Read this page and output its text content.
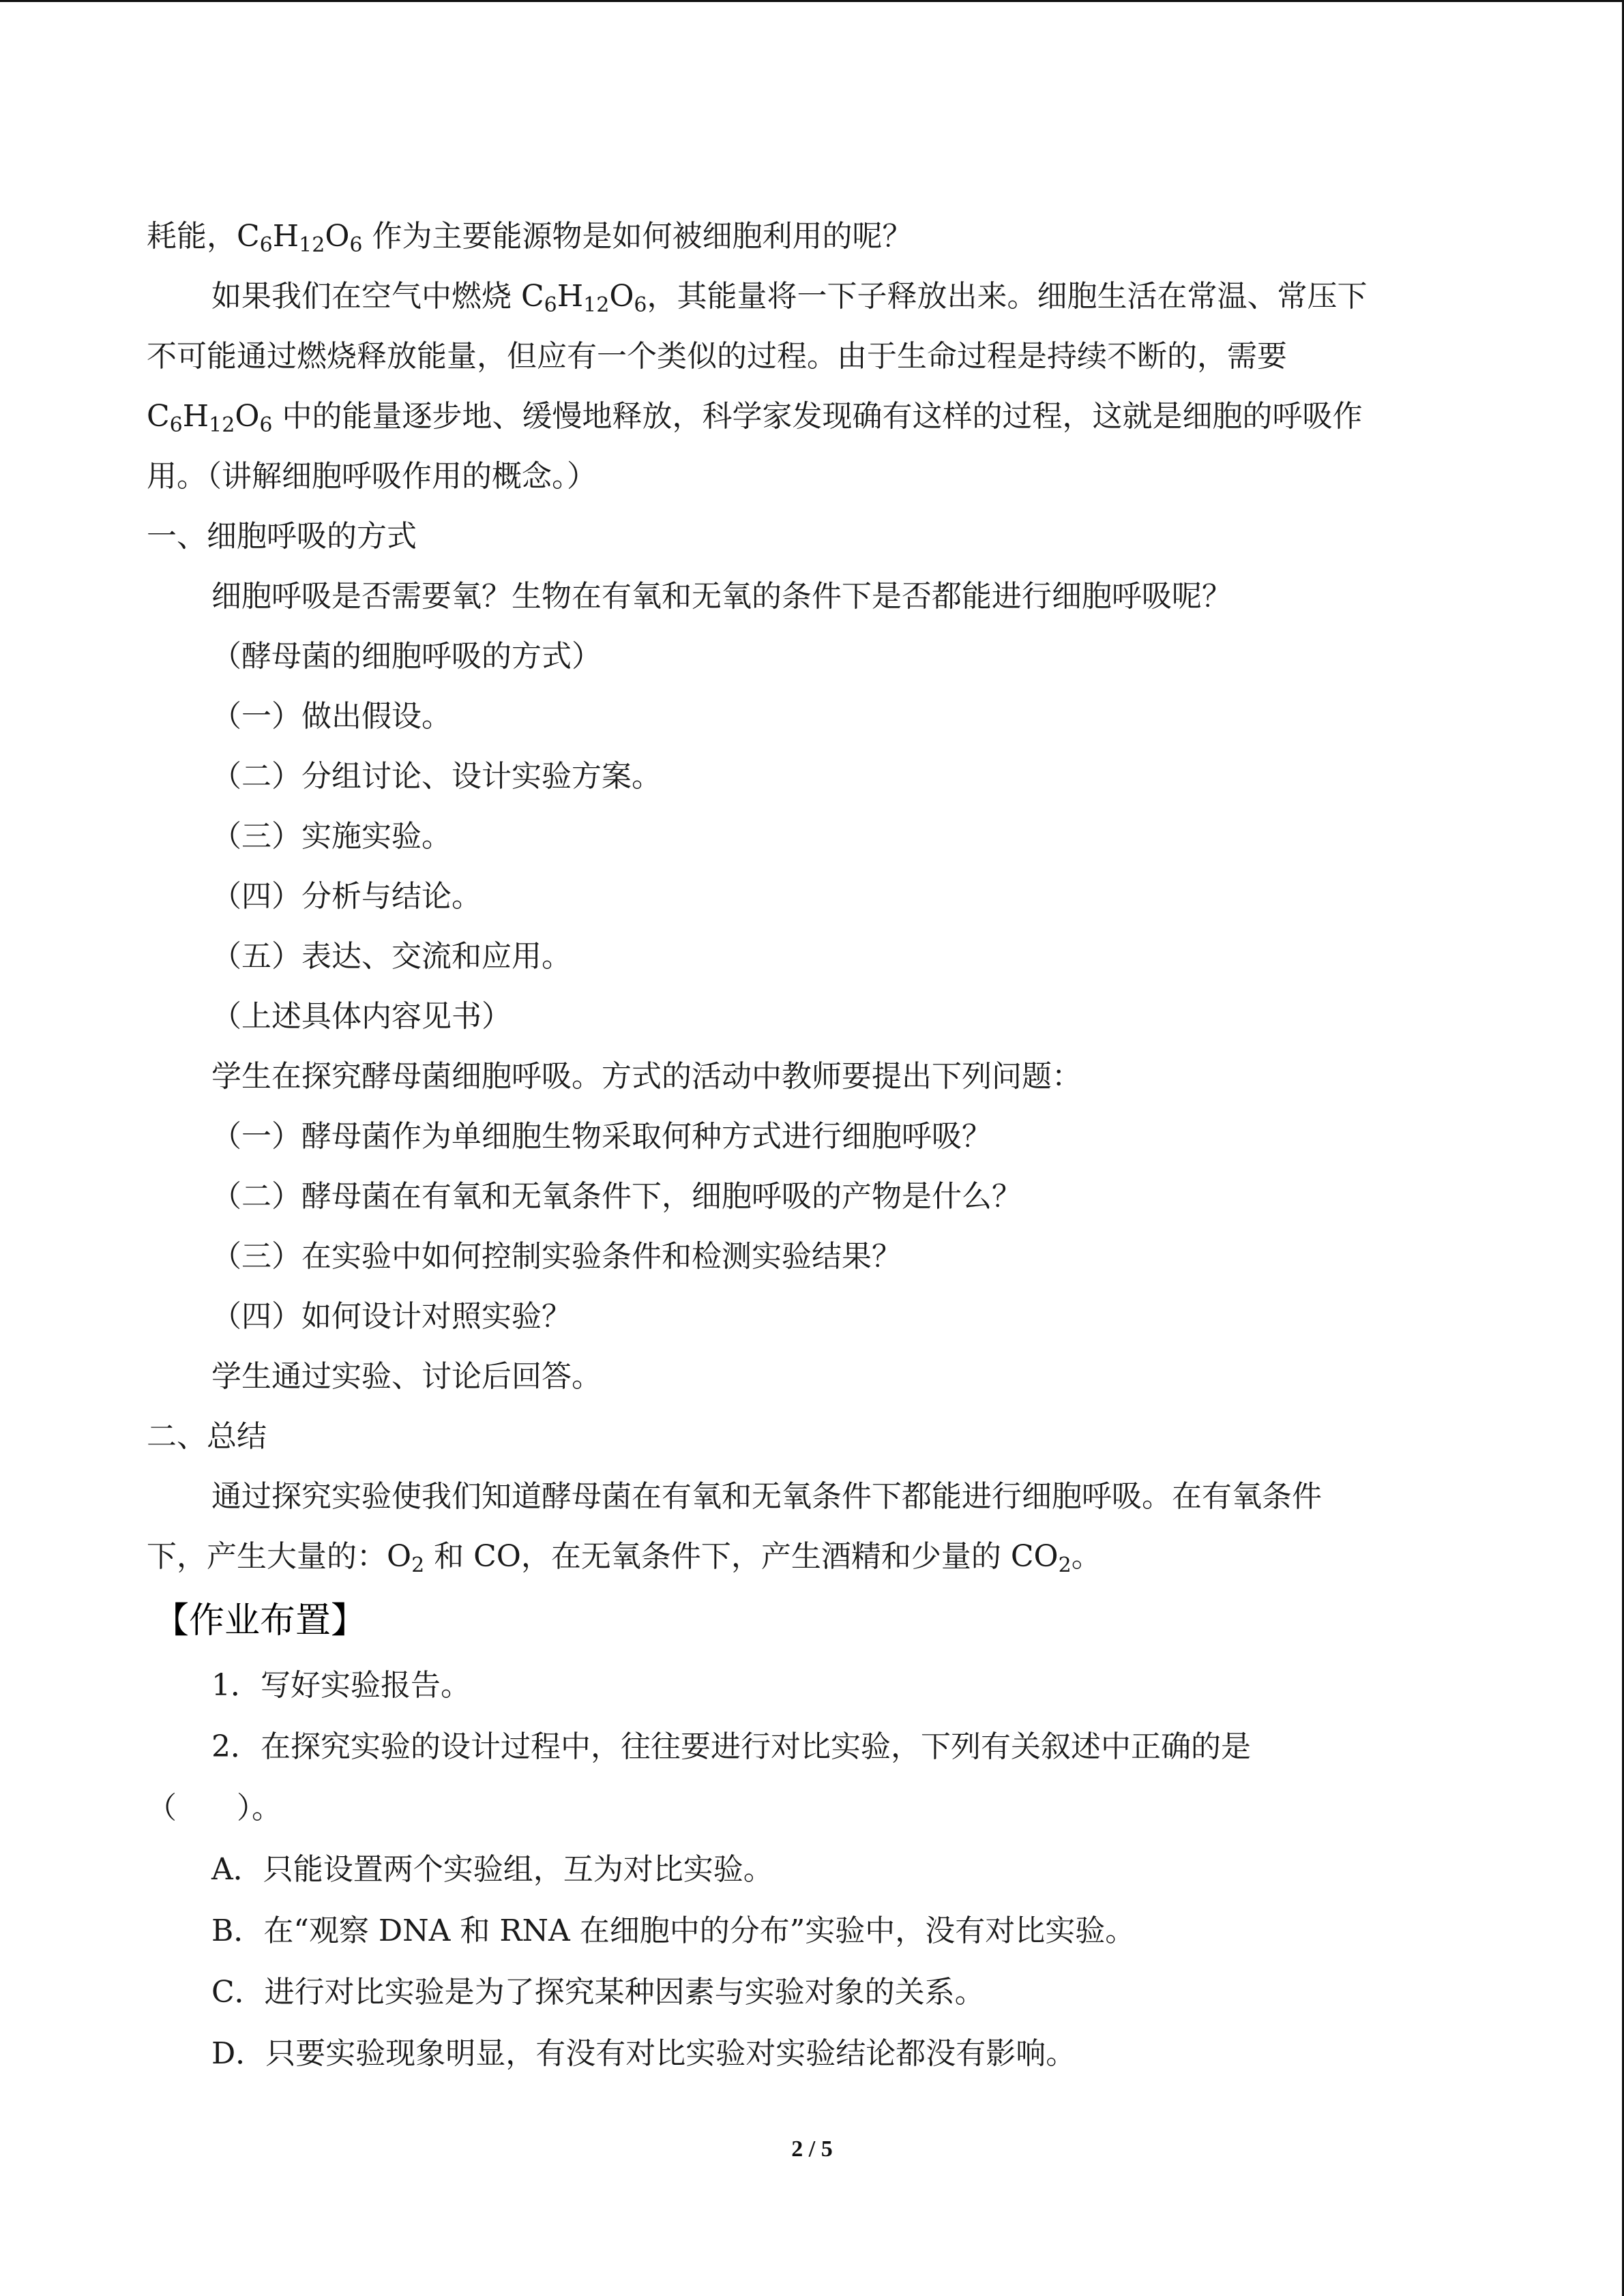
耗能，$C_6H_{12}O_6$ 作为主要能源物是如何被细胞利用的呢？
如果我们在空气中燃烧 $C_6H_{12}O_6$，其能量将一下子释放出来。细胞生活在常温、常压下
不可能通过燃烧释放能量，但应有一个类似的过程。由于生命过程是持续不断的，需要
$C_6H_{12}O_6$ 中的能量逐步地、缓慢地释放，科学家发现确有这样的过程，这就是细胞的呼吸作
用。（讲解细胞呼吸作用的概念。）
一、细胞呼吸的方式
细胞呼吸是否需要氧？生物在有氧和无氧的条件下是否都能进行细胞呼吸呢？
（酵母菌的细胞呼吸的方式）
（一）做出假设。
（二）分组讨论、设计实验方案。
（三）实施实验。
（四）分析与结论。
（五）表达、交流和应用。
（上述具体内容见书）
学生在探究酵母菌细胞呼吸。方式的活动中教师要提出下列问题：
（一）酵母菌作为单细胞生物采取何种方式进行细胞呼吸？
（二）酵母菌在有氧和无氧条件下，细胞呼吸的产物是什么？
（三）在实验中如何控制实验条件和检测实验结果？
（四）如何设计对照实验？
学生通过实验、讨论后回答。
二、总结
通过探究实验使我们知道酵母菌在有氧和无氧条件下都能进行细胞呼吸。在有氧条件
下，产生大量的：$O_2$ 和 CO，在无氧条件下，产生酒精和少量的 $CO_2$。
【作业布置】
1．写好实验报告。
2．在探究实验的设计过程中，往往要进行对比实验，下列有关叙述中正确的是
（　　）。
A．只能设置两个实验组，互为对比实验。
B．在“观察 DNA 和 RNA 在细胞中的分布”实验中，没有对比实验。
C．进行对比实验是为了探究某种因素与实验对象的关系。
D．只要实验现象明显，有没有对比实验对实验结论都没有影响。
2 / 5
